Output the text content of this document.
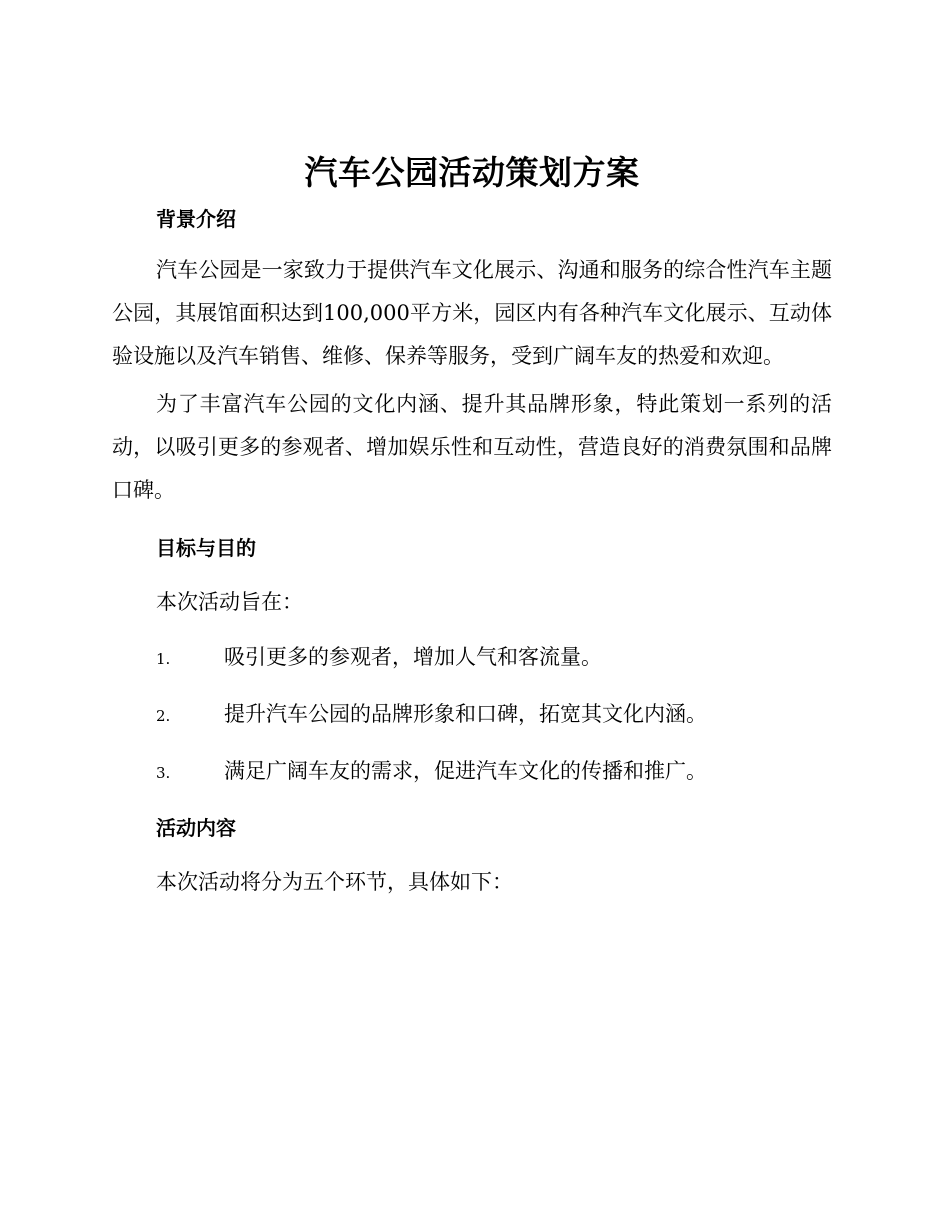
汽车公园活动策划方案
背景介绍

汽车公园是一家致力于提供汽车文化展示、沟通和服务的综合性汽车主题公园，其展馆面积达到100,000平方米，园区内有各种汽车文化展示、互动体验设施以及汽车销售、维修、保养等服务，受到广阔车友的热爱和欢迎。

为了丰富汽车公园的文化内涵、提升其品牌形象，特此策划一系列的活动，以吸引更多的参观者、增加娱乐性和互动性，营造良好的消费氛围和品牌口碑。

目标与目的

本次活动旨在：

1.	吸引更多的参观者，增加人气和客流量。
2.	提升汽车公园的品牌形象和口碑，拓宽其文化内涵。
3.	满足广阔车友的需求，促进汽车文化的传播和推广。
活动内容

本次活动将分为五个环节，具体如下：
